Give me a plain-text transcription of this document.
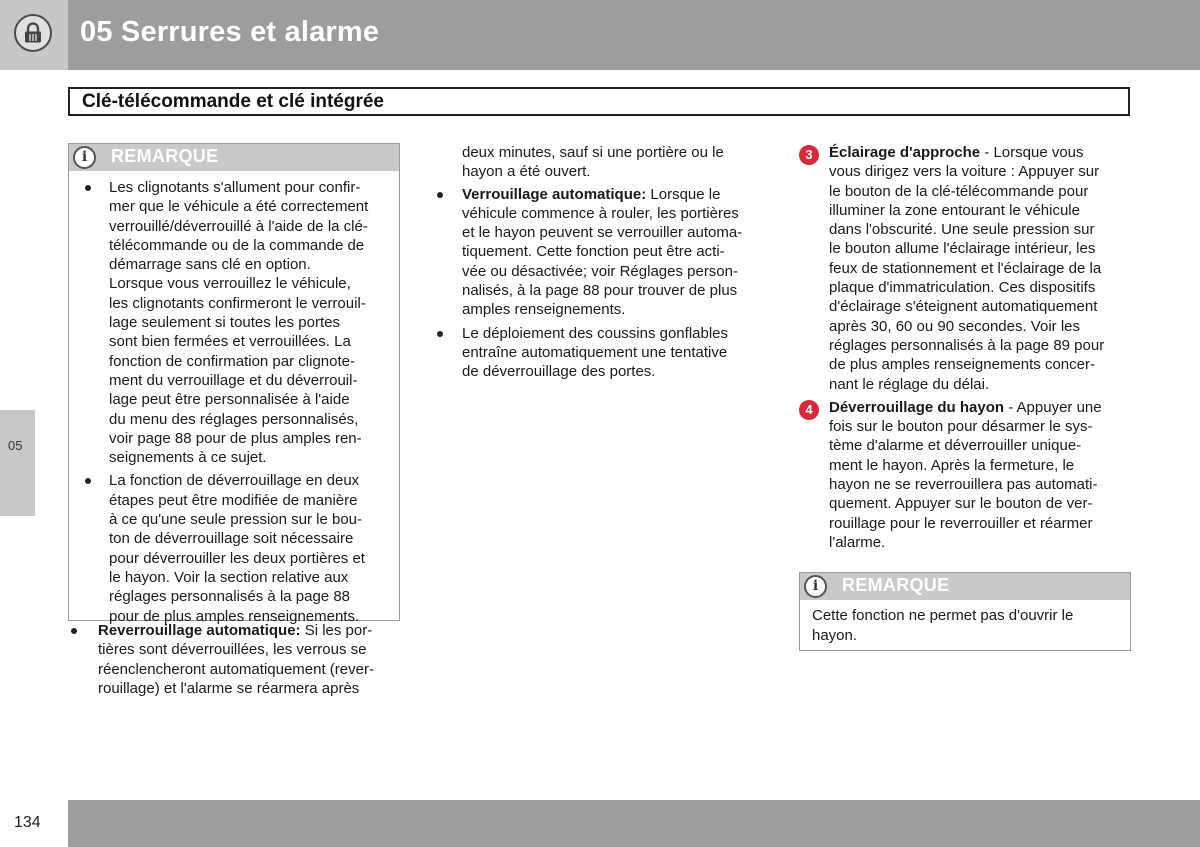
05 Serrures et alarme
Clé-télécommande et clé intégrée
05
i	REMARQUE
Les clignotants s'allument pour confir-
mer que le véhicule a été correctement
verrouillé/déverrouillé à l'aide de la clé-
télécommande ou de la commande de
démarrage sans clé en option.
Lorsque vous verrouillez le véhicule,
les clignotants confirmeront le verrouil-
lage seulement si toutes les portes
sont bien fermées et verrouillées. La
fonction de confirmation par clignote-
ment du verrouillage et du déverrouil-
lage peut être personnalisée à l'aide
du menu des réglages personnalisés,
voir page 88 pour de plus amples ren-
seignements à ce sujet.
La fonction de déverrouillage en deux
étapes peut être modifiée de manière
à ce qu'une seule pression sur le bou-
ton de déverrouillage soit nécessaire
pour déverrouiller les deux portières et
le hayon. Voir la section relative aux
réglages personnalisés à la page 88
pour de plus amples renseignements.
Reverrouillage automatique: Si les por-
tières sont déverrouillées, les verrous se
réenclencheront automatiquement (rever-
rouillage) et l'alarme se réarmera après

deux minutes, sauf si une portière ou le
hayon a été ouvert.

Verrouillage automatique: Lorsque le
véhicule commence à rouler, les portières
et le hayon peuvent se verrouiller automa-
tiquement. Cette fonction peut être acti-
vée ou désactivée; voir Réglages person-
nalisés, à la page 88 pour trouver de plus
amples renseignements.
Le déploiement des coussins gonflables
entraîne automatiquement une tentative
de déverrouillage des portes.
3	Éclairage d'approche - Lorsque vous
vous dirigez vers la voiture : Appuyer sur
le bouton de la clé-télécommande pour
illuminer la zone entourant le véhicule
dans l'obscurité. Une seule pression sur
le bouton allume l'éclairage intérieur, les
feux de stationnement et l'éclairage de la
plaque d'immatriculation. Ces dispositifs
d'éclairage s'éteignent automatiquement
après 30, 60 ou 90 secondes. Voir les
réglages personnalisés à la page 89 pour
de plus amples renseignements concer-
nant le réglage du délai.
4	Déverrouillage du hayon - Appuyer une
fois sur le bouton pour désarmer le sys-
tème d'alarme et déverrouiller unique-
ment le hayon. Après la fermeture, le
hayon ne se reverrouillera pas automati-
quement. Appuyer sur le bouton de ver-
rouillage pour le reverrouiller et réarmer
l'alarme.
i	REMARQUE

Cette fonction ne permet pas d'ouvrir le
hayon.

134
